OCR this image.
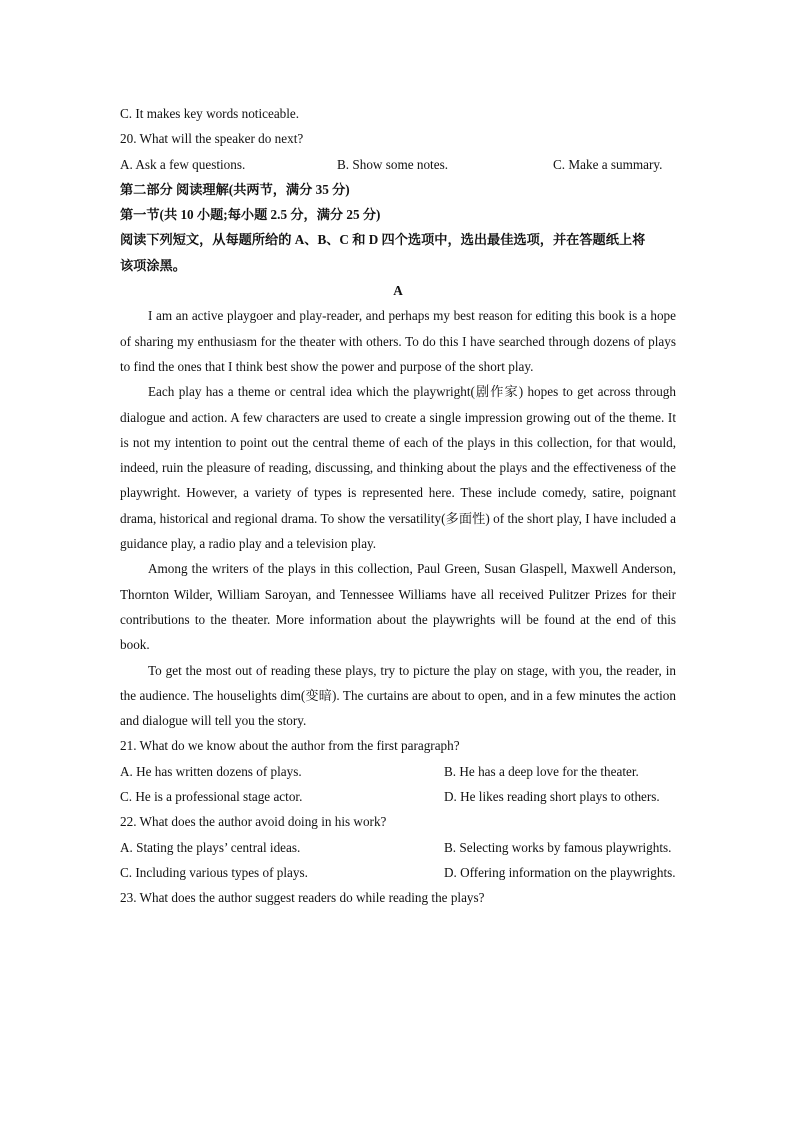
C. It makes key words noticeable.
20. What will the speaker do next?
A. Ask a few questions.	B. Show some notes.	C. Make a summary.
第二部分 阅读理解(共两节，满分 35 分)
第一节(共 10 小题;每小题 2.5 分，满分 25 分)
阅读下列短文，从每题所给的 A、B、C 和 D 四个选项中，选出最佳选项，并在答题纸上将
该项涂黑。
A

I am an active playgoer and play-reader, and perhaps my best reason for editing this book is a hope of sharing my enthusiasm for the theater with others. To do this I have searched through dozens of plays to find the ones that I think best show the power and purpose of the short play.

Each play has a theme or central idea which the playwright(剧作家) hopes to get across through dialogue and action. A few characters are used to create a single impression growing out of the theme. It is not my intention to point out the central theme of each of the plays in this collection, for that would, indeed, ruin the pleasure of reading, discussing, and thinking about the plays and the effectiveness of the playwright. However, a variety of types is represented here. These include comedy, satire, poignant drama, historical and regional drama. To show the versatility(多面性) of the short play, I have included a guidance play, a radio play and a television play.

Among the writers of the plays in this collection, Paul Green, Susan Glaspell, Maxwell Anderson, Thornton Wilder, William Saroyan, and Tennessee Williams have all received Pulitzer Prizes for their contributions to the theater. More information about the playwrights will be found at the end of this book.

To get the most out of reading these plays, try to picture the play on stage, with you, the reader, in the audience. The houselights dim(变暗). The curtains are about to open, and in a few minutes the action and dialogue will tell you the story.

21. What do we know about the author from the first paragraph?
A. He has written dozens of plays.	B. He has a deep love for the theater.
C. He is a professional stage actor.	D. He likes reading short plays to others.
22. What does the author avoid doing in his work?
A. Stating the plays’ central ideas.	B. Selecting works by famous playwrights.
C. Including various types of plays.	D. Offering information on the playwrights.
23. What does the author suggest readers do while reading the plays?
